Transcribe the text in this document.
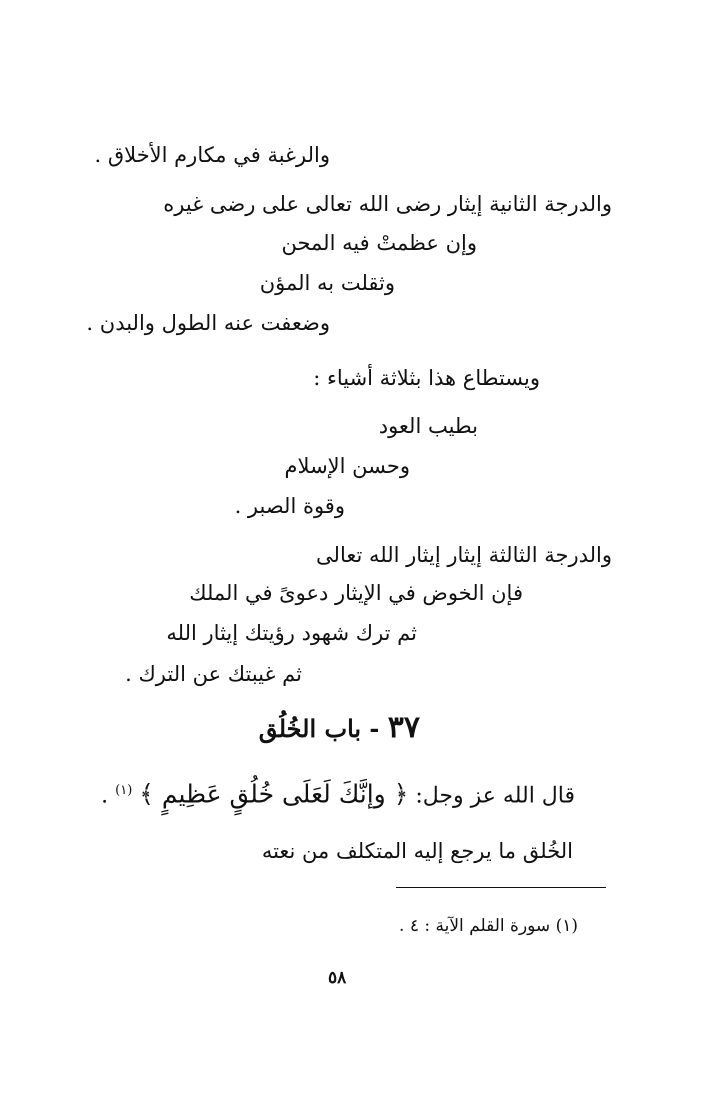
والرغبة في مكارم الأخلاق .
والدرجة الثانية إيثار رضى الله تعالى على رضى غيره
وإن عظمتْ فيه المحن
وثقلت به المؤن
وضعفت عنه الطول والبدن .
ويستطاع هذا بثلاثة أشياء :
بطيب العود
وحسن الإسلام
وقوة الصبر .
والدرجة الثالثة إيثار إيثار الله تعالى
فإن الخوض في الإيثار دعوىً في الملك
ثم ترك شهود رؤيتك إيثار الله
ثم غيبتك عن الترك .
٣٧ - باب الخُلُق
قال الله عز وجل: ﴿ وإنَّكَ لَعَلَى خُلُقٍ عَظِيمٍ ﴾ $^{(١)}$ .
الخُلق ما يرجع إليه المتكلف من نعته
(١) سورة القلم الآية : ٤ .
٥٨
